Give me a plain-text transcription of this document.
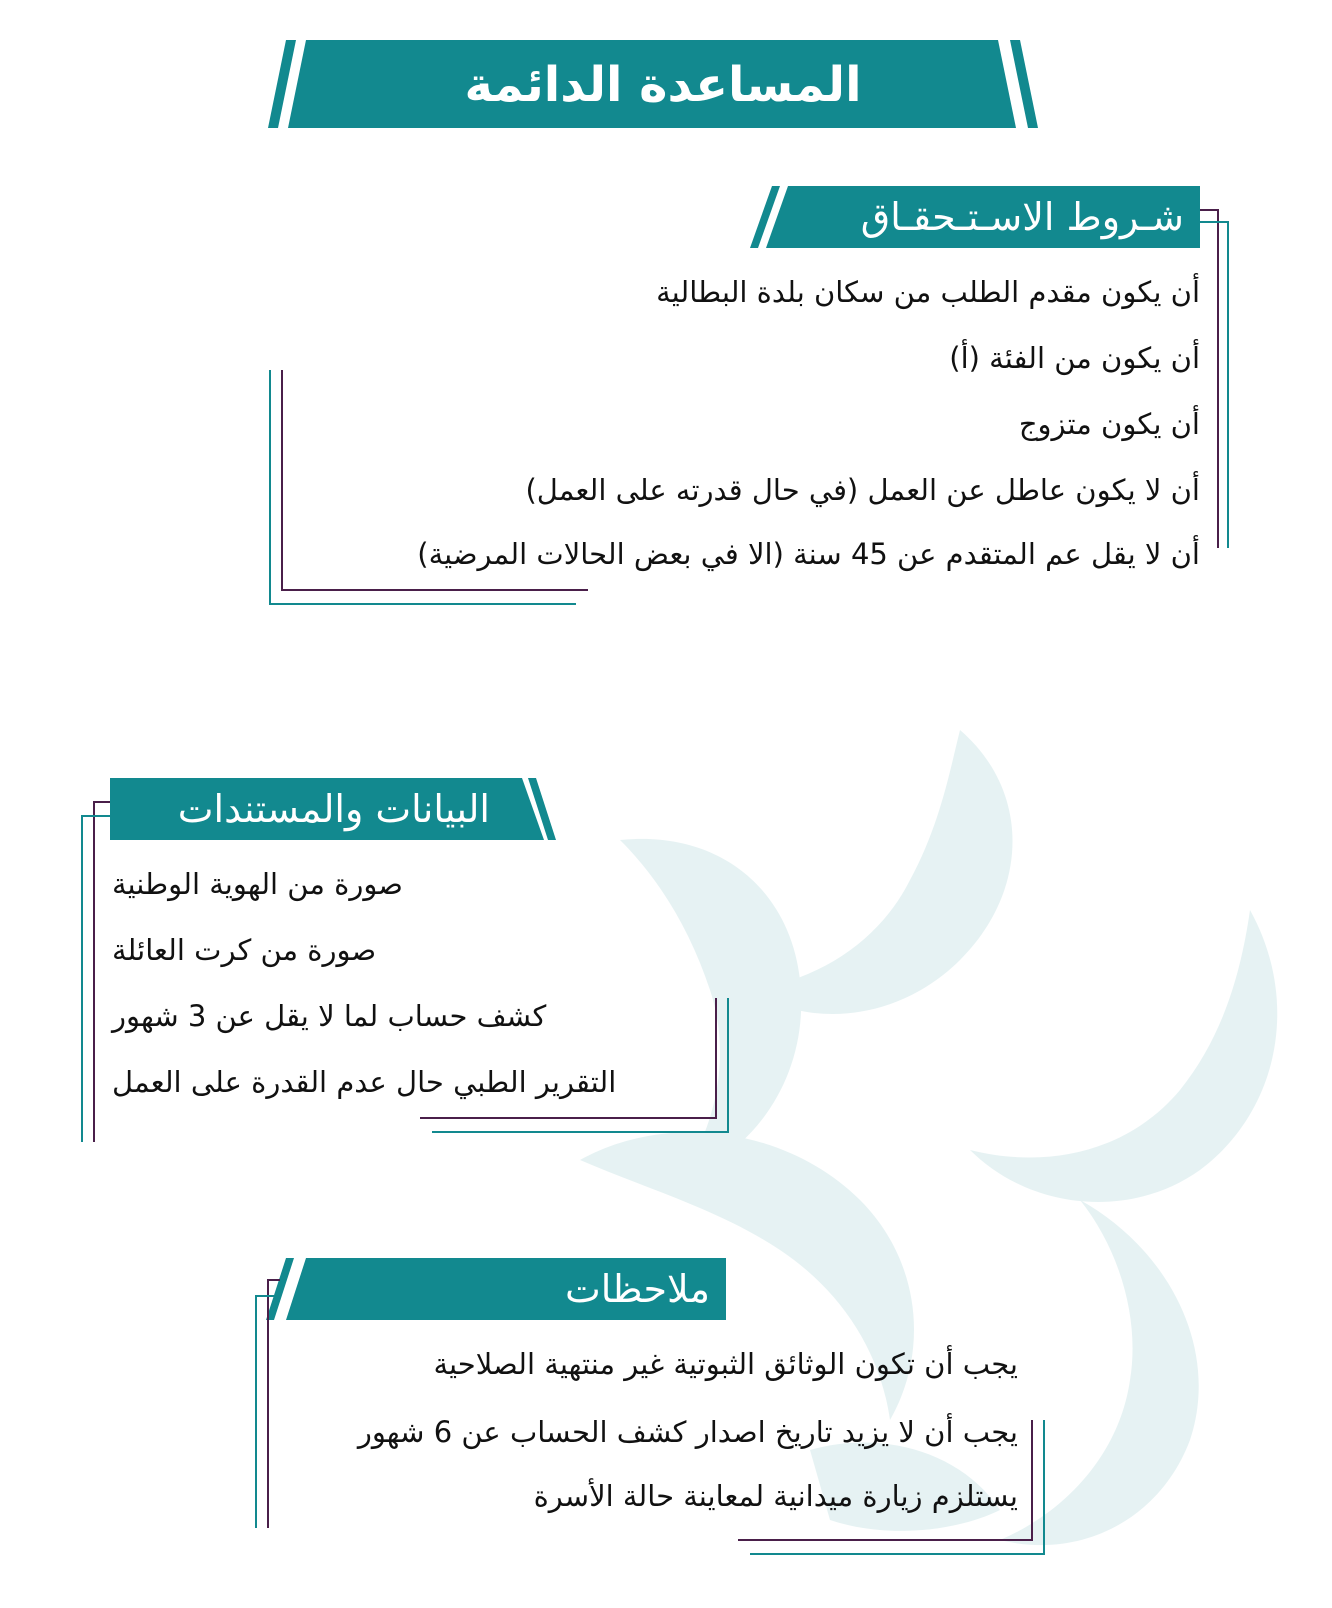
المساعدة الدائمة
شـروط الاسـتـحقـاق
أن يكون مقدم الطلب من سكان بلدة البطالية
أن يكون من الفئة (أ)
أن يكون متزوج
أن لا يكون عاطل عن العمل (في حال قدرته على العمل)
أن لا يقل عم المتقدم عن 45 سنة (الا في بعض الحالات المرضية)
البيانات والمستندات
صورة من الهوية الوطنية
صورة من كرت العائلة
كشف حساب لما لا يقل عن 3 شهور
التقرير الطبي حال عدم القدرة على العمل
ملاحظات
يجب أن تكون الوثائق الثبوتية غير منتهية الصلاحية
يجب أن لا يزيد تاريخ اصدار كشف الحساب عن 6 شهور
يستلزم زيارة ميدانية لمعاينة حالة الأسرة
